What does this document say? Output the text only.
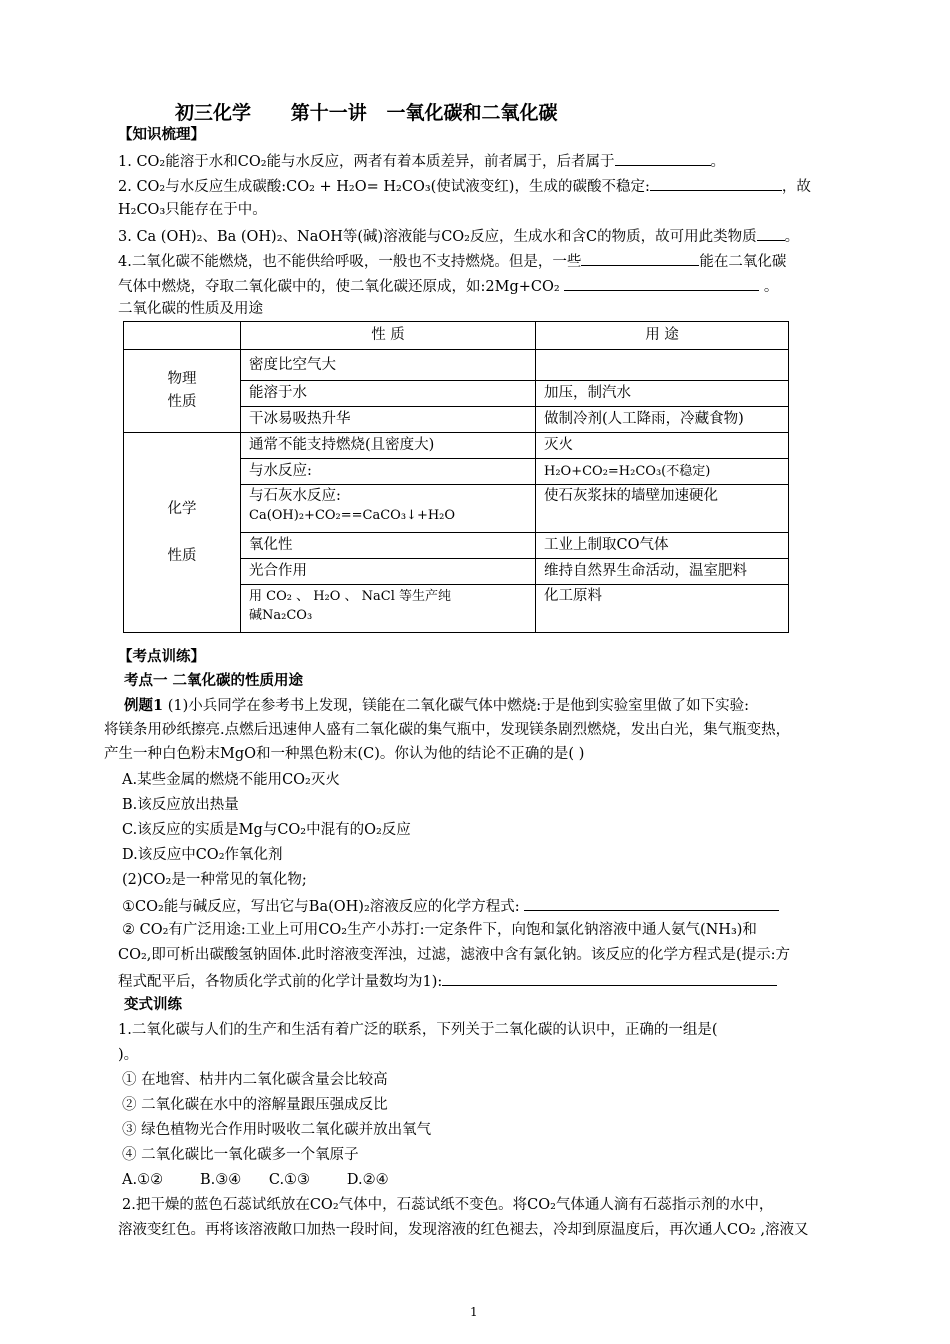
初三化学      第十一讲   一氧化碳和二氧化碳
【知识梳理】
1. CO₂能溶于水和CO₂能与水反应，两者有着本质差异，前者属于，后者属于	。
2. CO₂与水反应生成碳酸:CO₂ + H₂O= H₂CO₃(使试液变红)，生成的碳酸不稳定:	，故
H₂CO₃只能存在于中。
3. Ca (OH)₂、Ba (OH)₂、NaOH等(碱)溶液能与CO₂反应，生成水和含C的物质，故可用此类物质 。
4.二氧化碳不能燃烧，也不能供给呼吸，一般也不支持燃烧。但是，一些	能在二氧化碳
气体中燃烧，夺取二氧化碳中的，使二氧化碳还原成，如:2Mg+CO₂	。
二氧化碳的性质及用途
	性 质	用 途

物理
性质	密度比空气大	
	能溶于水	加压，制汽水
	干冰易吸热升华	做制冷剂(人工降雨，冷藏食物)

化学
性质	通常不能支持燃烧(且密度大)	灭火
	与水反应:	H₂O+CO₂=H₂CO₃(不稳定)

	与石灰水反应:
Ca(OH)₂+CO₂==CaCO₃↓+H₂O	使石灰浆抹的墙壁加速硬化
	氧化性	工业上制取CO气体
	光合作用	维持自然界生命活动，温室肥料

	用 CO₂ 、 H₂O 、 NaCl 等生产纯
碱Na₂CO₃	化工原料
【考点训练】
考点一 二氧化碳的性质用途
例题1 (1)小兵同学在参考书上发现，镁能在二氧化碳气体中燃烧:于是他到实验室里做了如下实验:
将镁条用砂纸擦亮.点燃后迅速伸人盛有二氧化碳的集气瓶中，发现镁条剧烈燃烧，发出白光，集气瓶变热，
产生一种白色粉末MgO和一种黑色粉末(C)。你认为他的结论不正确的是( )
A.某些金属的燃烧不能用CO₂灭火
B.该反应放出热量
C.该反应的实质是Mg与CO₂中混有的O₂反应
D.该反应中CO₂作氧化剂
(2)CO₂是一种常见的氧化物;
①CO₂能与碱反应，写出它与Ba(OH)₂溶液反应的化学方程式:
② CO₂有广泛用途:工业上可用CO₂生产小苏打:一定条件下，向饱和氯化钠溶液中通人氨气(NH₃)和
CO₂,即可析出碳酸氢钠固体.此时溶液变浑浊，过滤，滤液中含有氯化钠。该反应的化学方程式是(提示:方
程式配平后，各物质化学式前的化学计量数均为1):
变式训练
1.二氧化碳与人们的生产和生活有着广泛的联系，下列关于二氧化碳的认识中，正确的一组是(
)。
① 在地窖、枯井内二氧化碳含量会比较高
② 二氧化碳在水中的溶解量跟压强成反比
③ 绿色植物光合作用时吸收二氧化碳并放出氧气
④ 二氧化碳比一氧化碳多一个氧原子
A.①②        B.③④      C.①③        D.②④
2.把干燥的蓝色石蕊试纸放在CO₂气体中，石蕊试纸不变色。将CO₂气体通人滴有石蕊指示剂的水中，
溶液变红色。再将该溶液敞口加热一段时间，发现溶液的红色褪去，冷却到原温度后，再次通人CO₂ ,溶液又
1
